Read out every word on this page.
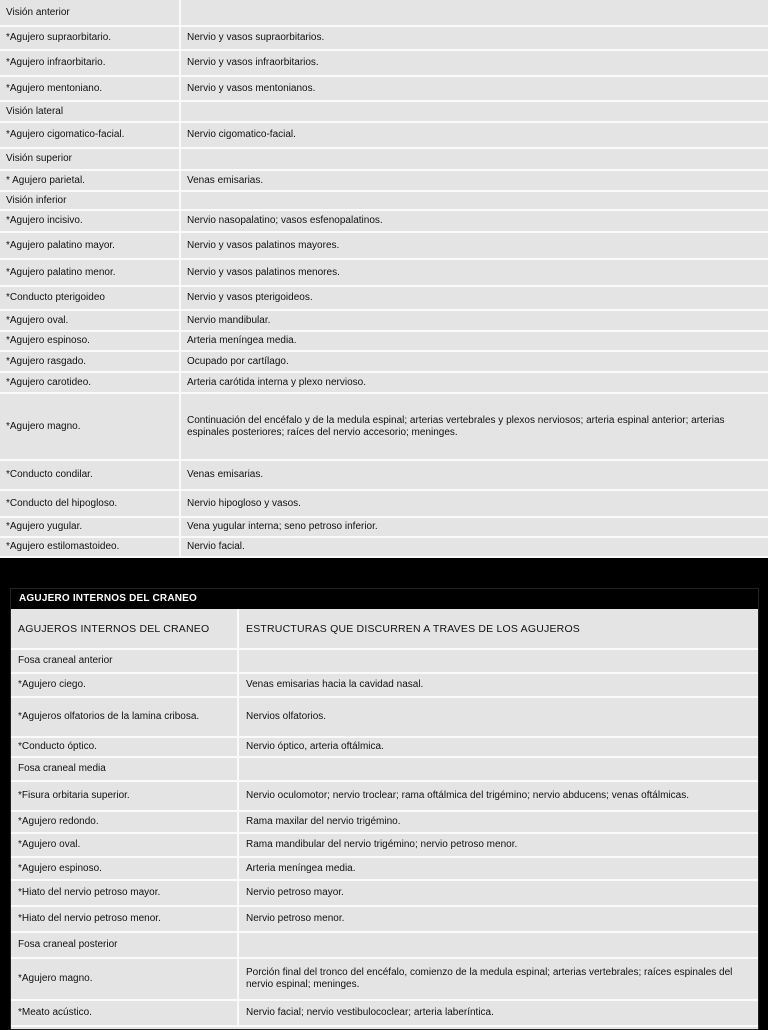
Visión anterior	
*Agujero supraorbitario.	Nervio y vasos supraorbitarios.
*Agujero infraorbitario.	Nervio y vasos infraorbitarios.
*Agujero mentoniano.	Nervio y vasos mentonianos.
Visión lateral	
*Agujero cigomatico-facial.	Nervio cigomatico-facial.
Visión superior	
* Agujero parietal.	Venas emisarias.
Visión inferior	
*Agujero incisivo.	Nervio nasopalatino; vasos esfenopalatinos.
*Agujero palatino mayor.	Nervio y vasos palatinos mayores.
*Agujero palatino menor.	Nervio y vasos palatinos menores.
*Conducto pterigoideo	Nervio y vasos pterigoideos.
*Agujero oval.	Nervio mandibular.
*Agujero espinoso.	Arteria meníngea media.
*Agujero rasgado.	Ocupado por cartílago.
*Agujero carotideo.	Arteria carótida interna y plexo nervioso.
*Agujero magno.	Continuación del encéfalo y de la medula espinal; arterias vertebrales y plexos nerviosos; arteria espinal anterior; arterias espinales posteriores; raíces del nervio accesorio; meninges.
*Conducto condilar.	Venas emisarias.
*Conducto del hipogloso.	Nervio hipogloso y vasos.
*Agujero yugular.	Vena yugular interna; seno petroso inferior.
*Agujero estilomastoideo.	Nervio facial.
AGUJERO INTERNOS DEL CRANEO
AGUJEROS INTERNOS DEL CRANEO	ESTRUCTURAS QUE DISCURREN A TRAVES DE LOS AGUJEROS
Fosa craneal anterior	
*Agujero ciego.	Venas emisarias hacia la cavidad nasal.
*Agujeros olfatorios de la lamina cribosa.	Nervios olfatorios.
*Conducto óptico.	Nervio óptico, arteria oftálmica.
Fosa craneal media	
*Fisura orbitaria superior.	Nervio oculomotor; nervio troclear; rama oftálmica del trigémino; nervio abducens; venas oftálmicas.
*Agujero redondo.	Rama maxilar del nervio trigémino.
*Agujero oval.	Rama mandibular del nervio trigémino; nervio petroso menor.
*Agujero espinoso.	Arteria meníngea media.
*Hiato del nervio petroso mayor.	Nervio petroso mayor.
*Hiato del nervio petroso menor.	Nervio petroso menor.
Fosa craneal posterior	
*Agujero magno.	Porción final del tronco del encéfalo, comienzo de la medula espinal; arterias vertebrales; raíces espinales del nervio espinal; meninges.
*Meato acústico.	Nervio facial; nervio vestibulococlear; arteria laberíntica.
